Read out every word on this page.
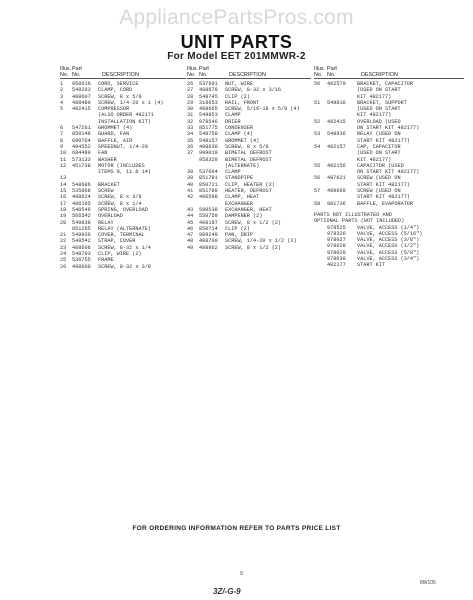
AppliancePartsPros.com
UNIT PARTS
For Model EET 201MMWR-2
Illus.
No.
Part
No.	DESCRIPTION
1	950616	CORD, SERVICE
2	548293	CLAMP, CORD
3	488607	SCREW, 8 x 5/8
4	488480	SCREW, 1/4-20 x 1 (4)
5	482415	COMPRESSOR
(ALSO ORDER 482171
INSTALLATION KIT)
6	547261	GROMMET (4)
7	850146	GUARD, FAN
8	690764	BAFFLE, AIR
9	484552	SPEEDNUT, 1/4-20
10	684480	FAN
11	573133	WASHER
12	451738	MOTOR (INCLUDES
ITEMS 9, 11 & 14)
13
14	548686	BRACKET
15	535868	SCREW
16	488624	SCREW, 8 x 3/8
17	486195	SCREW, 8 x 1/4
18	548546	SPRING, OVERLOAD
19	566542	OVERLOAD
20	549838	RELAY
851265	RELAY (ALTERNATE)
21	549936	COVER, TERMINAL
22	549542	STRAP, COVER
23	488606	SCREW, 8-32 x 1/4
24	548793	CLIP, WIRE (2)
25	536755	FRAME
26	488600	SCREW, 8-32 x 3/8
Illus.
No.
Part
No.	DESCRIPTION
26	537691	NUT, WIRE
27	488679	SCREW, 8-32 x 3/16
28	548745	CLIP (2)
29	318653	RAIL, FRONT
30	488665	SCREW, 5/16-18 x 5/8 (4)
31	549853	CLAMP
32	978546	DRIER
33	851775	CONDENSER
34	548750	CLAMP (4)
35	548157	GROMMET (4)
36	488630	SCREW, 8 x 5/8
37	999019	BIMETAL DEFROST
958329	BIMETAL DEFROST
(ALTERNATE)
38	537064	CLAMP
39	851791	STANDPIPE
40	850721	CLIP, HEATER (2)
41	851789	HEATER, DEFROST
42	486598	CLAMP, HEAT
EXCHANGER
43	590538	EXCHANGER, HEAT
44	550759	DAMPENER (2)
45	408197	SCREW, 8 x 1/2 (2)
46	850714	CLIP (2)
47	989249	PAN, DRIP
48	488700	SCREW, 1/4-20 x 1/2 (2)
49	488962	SCREW, 8 x 1/2 (2)
Illus.
No.
Part
No.	DESCRIPTION
50	482579	BRACKET, CAPACITOR
(USED ON START
KIT 482177)
51	549816	BRACKET, SUPPORT
(USED ON START
KIT 482177)
52	482415	OVERLOAD (USED
ON START KIT 482177)
53	549936	RELAY (USED ON
START KIT 482177)
54	482157	CAP, CAPACITOR
(USED ON START
KIT 482177)
55	482156	CAPACITOR (USED
ON START KIT 482177)
56	487621	SCREW (USED ON
START KIT 482177)
57	489669	SCREW (USED ON
START KIT 482177)
58	981736	BAFFLE, EVAPORATOR
PARTS NOT ILLUSTRATED AND
OPTIONAL PARTS (NOT INCLUDED)
978525	VALVE, ACCESS (1/4")
978326	VALVE, ACCESS (5/16")
978027	VALVE, ACCESS (3/8")
978028	VALVE, ACCESS (1/2")
978029	VALVE, ACCESS (5/8")
978030	VALVE, ACCESS (3/4")
482177	START KIT
FOR ORDERING INFORMATION REFER TO PARTS PRICE LIST
9
8W105
3Z/-G-9
